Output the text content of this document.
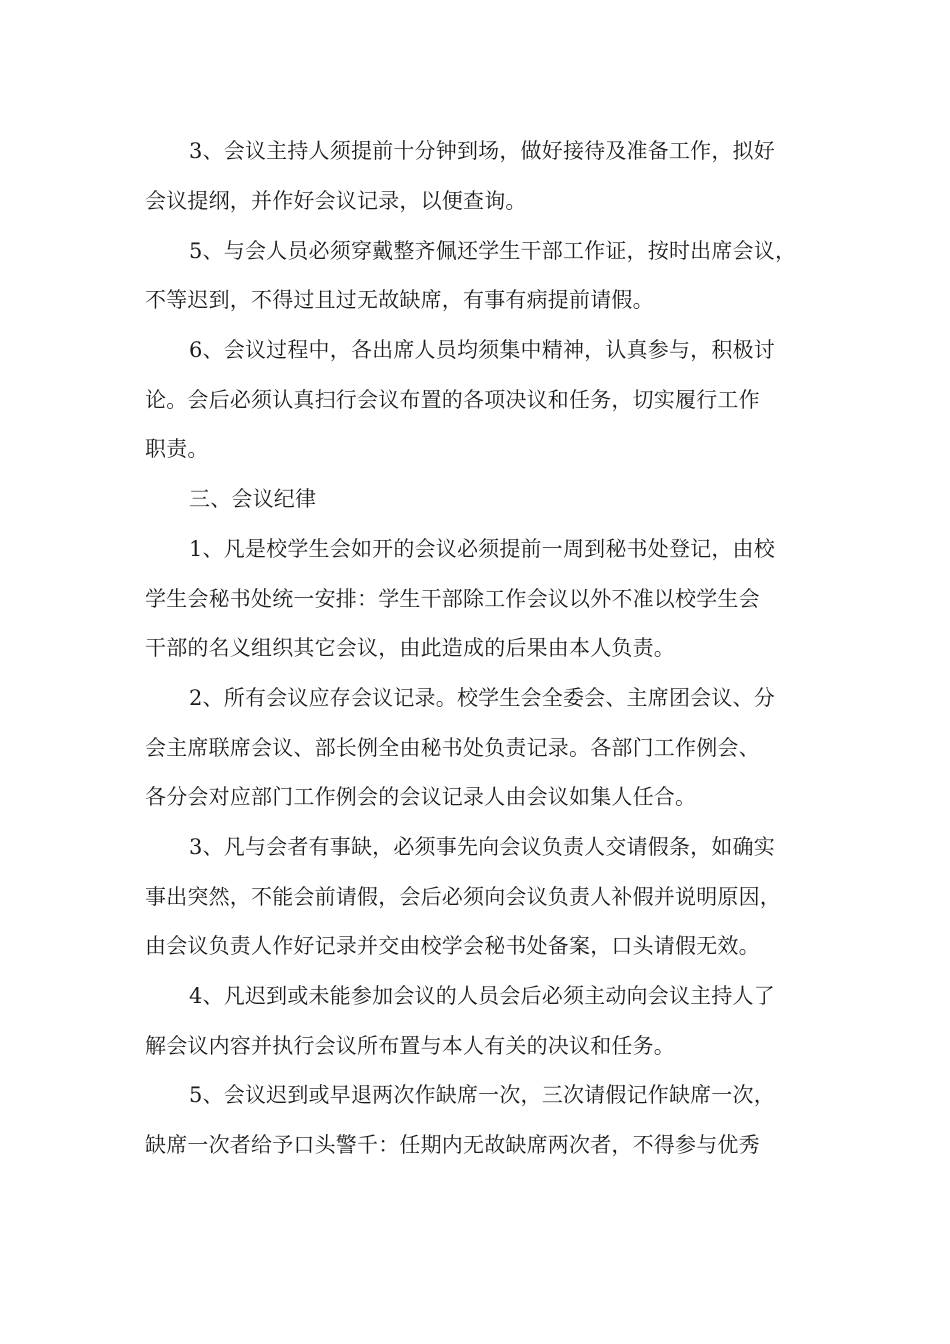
3、会议主持人须提前十分钟到场，做好接待及准备工作，拟好
会议提纲，并作好会议记录，以便查询。
5、与会人员必须穿戴整齐佩还学生干部工作证，按时出席会议，
不等迟到，不得过且过无故缺席，有事有病提前请假。
6、会议过程中，各出席人员均须集中精神，认真参与，积极讨
论。会后必须认真扫行会议布置的各项决议和任务，切实履行工作
职责。
三、会议纪律
1、凡是校学生会如开的会议必须提前一周到秘书处登记，由校
学生会秘书处统一安排：学生干部除工作会议以外不准以校学生会
干部的名义组织其它会议，由此造成的后果由本人负责。
2、所有会议应存会议记录。校学生会全委会、主席团会议、分
会主席联席会议、部长例全由秘书处负责记录。各部门工作例会、
各分会对应部门工作例会的会议记录人由会议如集人任合。
3、凡与会者有事缺，必须事先向会议负责人交请假条，如确实
事出突然，不能会前请假，会后必须向会议负责人补假并说明原因，
由会议负责人作好记录并交由校学会秘书处备案，口头请假无效。
4、凡迟到或未能参加会议的人员会后必须主动向会议主持人了
解会议内容并执行会议所布置与本人有关的决议和任务。
5、会议迟到或早退两次作缺席一次，三次请假记作缺席一次，
缺席一次者给予口头警千：任期内无故缺席两次者，不得参与优秀
